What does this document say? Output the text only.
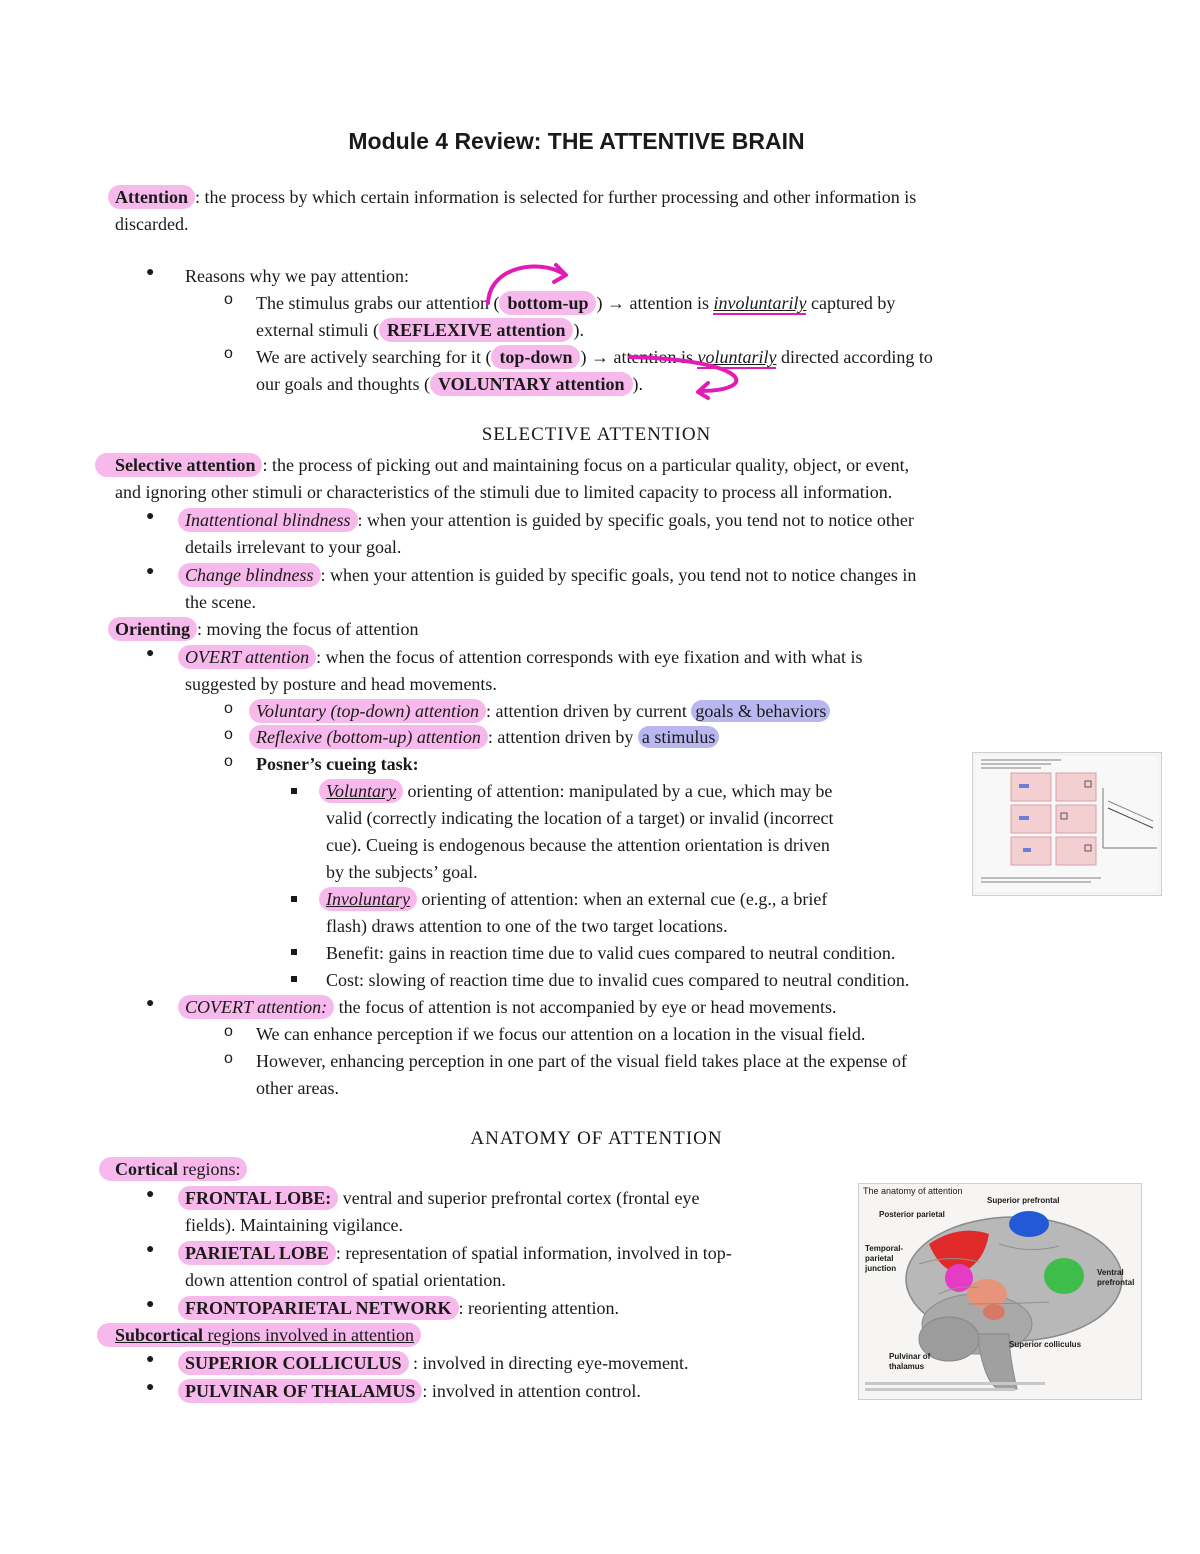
Module 4 Review: THE ATTENTIVE BRAIN
Attention : the process by which certain information is selected for further processing and other information is
discarded.
● Reasons why we pay attention:
o The stimulus grabs our attention ( bottom-up ) → attention is involuntarily captured by
external stimuli ( REFLEXIVE attention ).
o We are actively searching for it ( top-down ) → attention is voluntarily directed according to
our goals and thoughts ( VOLUNTARY attention ).
SELECTIVE ATTENTION
Selective attention : the process of picking out and maintaining focus on a particular quality, object, or event,
and ignoring other stimuli or characteristics of the stimuli due to limited capacity to process all information.
● Inattentional blindness : when your attention is guided by specific goals, you tend not to notice other
details irrelevant to your goal.
● Change blindness : when your attention is guided by specific goals, you tend not to notice changes in
the scene.
Orienting : moving the focus of attention
● OVERT attention : when the focus of attention corresponds with eye fixation and with what is
suggested by posture and head movements.
o Voluntary (top-down) attention : attention driven by current goals & behaviors
o Reflexive (bottom-up) attention : attention driven by a stimulus
o Posner’s cueing task:
Voluntary orienting of attention: manipulated by a cue, which may be
valid (correctly indicating the location of a target) or invalid (incorrect
cue). Cueing is endogenous because the attention orientation is driven
by the subjects’ goal.
Involuntary orienting of attention: when an external cue (e.g., a brief
flash) draws attention to one of the two target locations.
Benefit: gains in reaction time due to valid cues compared to neutral condition.
Cost: slowing of reaction time due to invalid cues compared to neutral condition.
● COVERT attention: the focus of attention is not accompanied by eye or head movements.
o We can enhance perception if we focus our attention on a location in the visual field.
o However, enhancing perception in one part of the visual field takes place at the expense of
other areas.
ANATOMY OF ATTENTION
Cortical regions:
● FRONTAL LOBE: ventral and superior prefrontal cortex (frontal eye
fields). Maintaining vigilance.
● PARIETAL LOBE : representation of spatial information, involved in top-
down attention control of spatial orientation.
● FRONTOPARIETAL NETWORK : reorienting attention.
Subcortical regions involved in attention
● SUPERIOR COLLICULUS : involved in directing eye-movement.
● PULVINAR OF THALAMUS : involved in attention control.
The anatomy of attention
Superior prefrontal
Posterior parietal
Temporal-parietal junction	Ventral prefrontal
Superior colliculus
Pulvinar of thalamus
